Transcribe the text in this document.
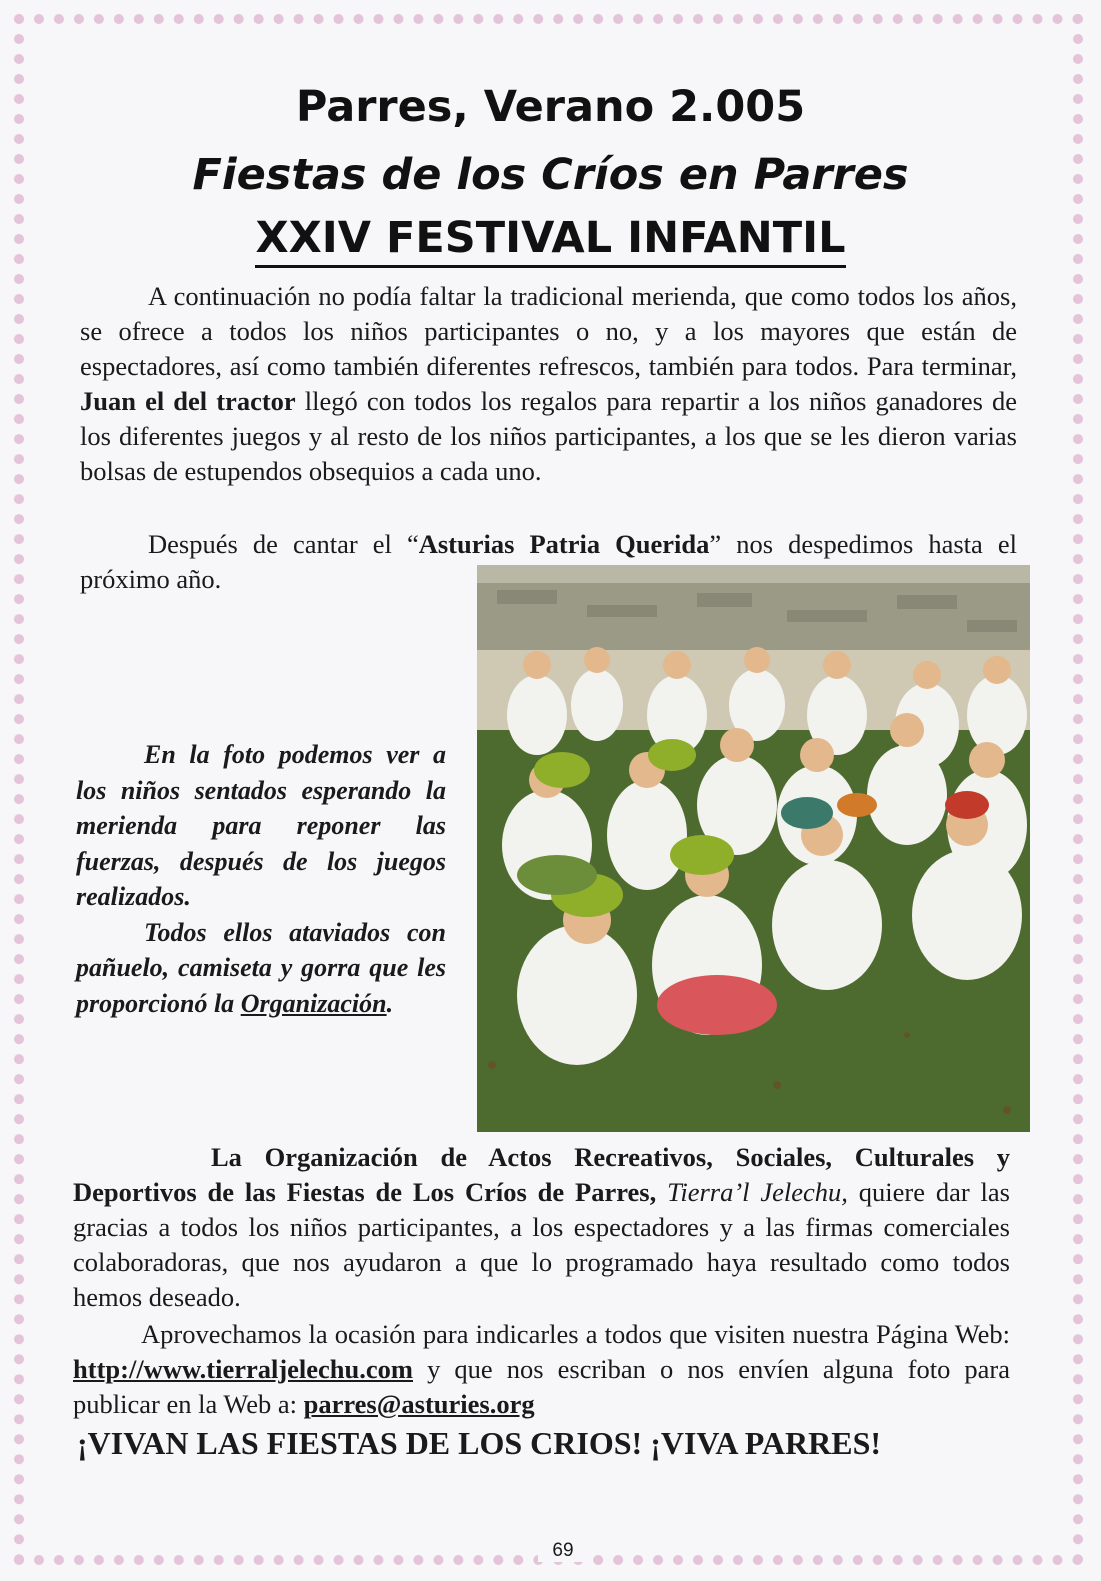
Parres, Verano 2.005
Fiestas de los Críos en Parres
XXIV FESTIVAL INFANTIL
A continuación no podía faltar la tradicional merienda, que como todos los años, se ofrece a todos los niños participantes o no, y a los mayores que están de espectadores, así como también diferentes refrescos, también para todos. Para terminar, Juan el del tractor llegó con todos los regalos para repartir a los niños ganadores de los diferentes juegos y al resto de los niños participantes, a los que se les dieron varias bolsas de estupendos obsequios a cada uno.
Después de cantar el “Asturias Patria Querida” nos despedimos hasta el próximo año.
En la foto podemos ver a los niños sentados esperando la merienda para reponer las fuerzas, después de los juegos realizados.
Todos ellos ataviados con pañuelo, camiseta y gorra que les proporcionó la Organización.
La Organización de Actos Recreativos, Sociales, Culturales y Deportivos de las Fiestas de Los Críos de Parres, Tierra’l Jelechu, quiere dar las gracias a todos los niños participantes, a los espectadores y a las firmas comerciales colaboradoras, que nos ayudaron a que lo programado haya resultado como todos hemos deseado.
Aprovechamos la ocasión para indicarles a todos que visiten nuestra Página Web: http://www.tierraljelechu.com y que nos escriban o nos envíen alguna foto para publicar en la Web a: parres@asturies.org
¡VIVAN LAS FIESTAS DE LOS CRIOS! ¡VIVA PARRES!
69
